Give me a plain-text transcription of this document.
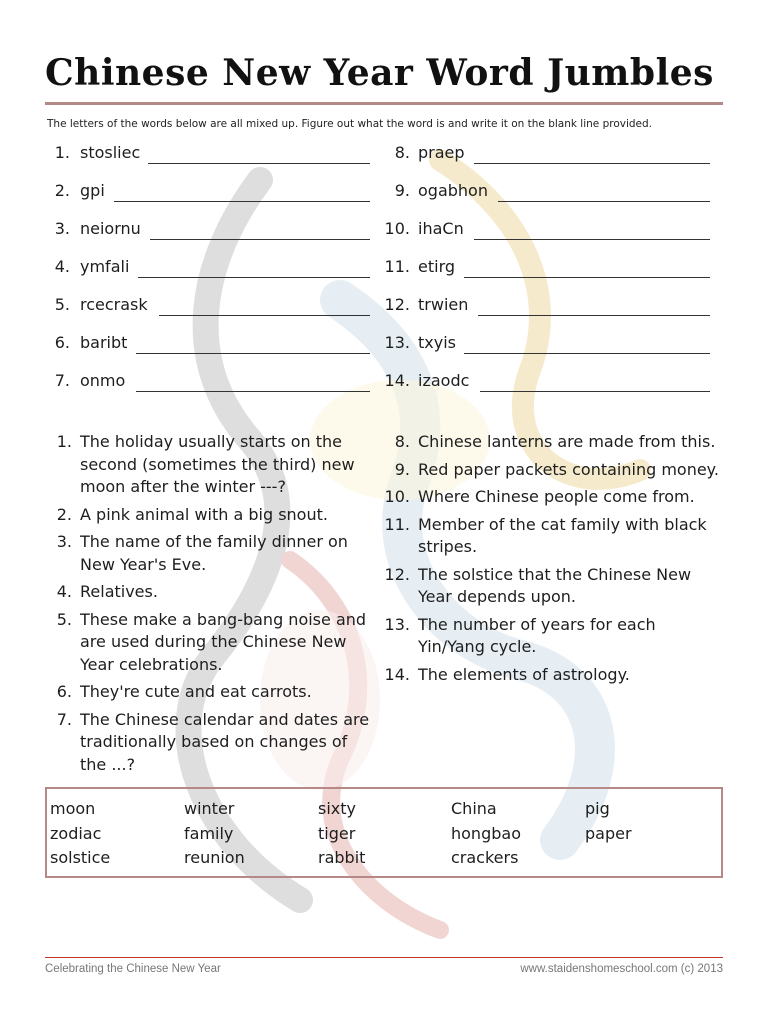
Chinese New Year Word Jumbles
The letters of the words below are all mixed up. Figure out what the word is and write it on the blank line provided.
1. stosliec
2. gpi
3. neiornu
4. ymfali
5. rcecrask
6. baribt
7. onmo
8. praep
9. ogabhon
10. ihaCn
11. etirg
12. trwien
13. txyis
14. izaodc
1. The holiday usually starts on the second (sometimes the third) new moon after the winter ---?
2. A pink animal with a big snout.
3. The name of the family dinner on New Year's Eve.
4. Relatives.
5. These make a bang-bang noise and are used during the Chinese New Year celebrations.
6. They're cute and eat carrots.
7. The Chinese calendar and dates are traditionally based on changes of the ...?
8. Chinese lanterns are made from this.
9. Red paper packets containing money.
10. Where Chinese people come from.
11. Member of the cat family with black stripes.
12. The solstice that the Chinese New Year depends upon.
13. The number of years for each Yin/Yang cycle.
14. The elements of astrology.
moon
zodiac
solstice
winter
family
reunion
sixty
tiger
rabbit
China
hongbao
crackers
pig
paper
Celebrating the Chinese New Year	www.staidenshomeschool.com (c) 2013
